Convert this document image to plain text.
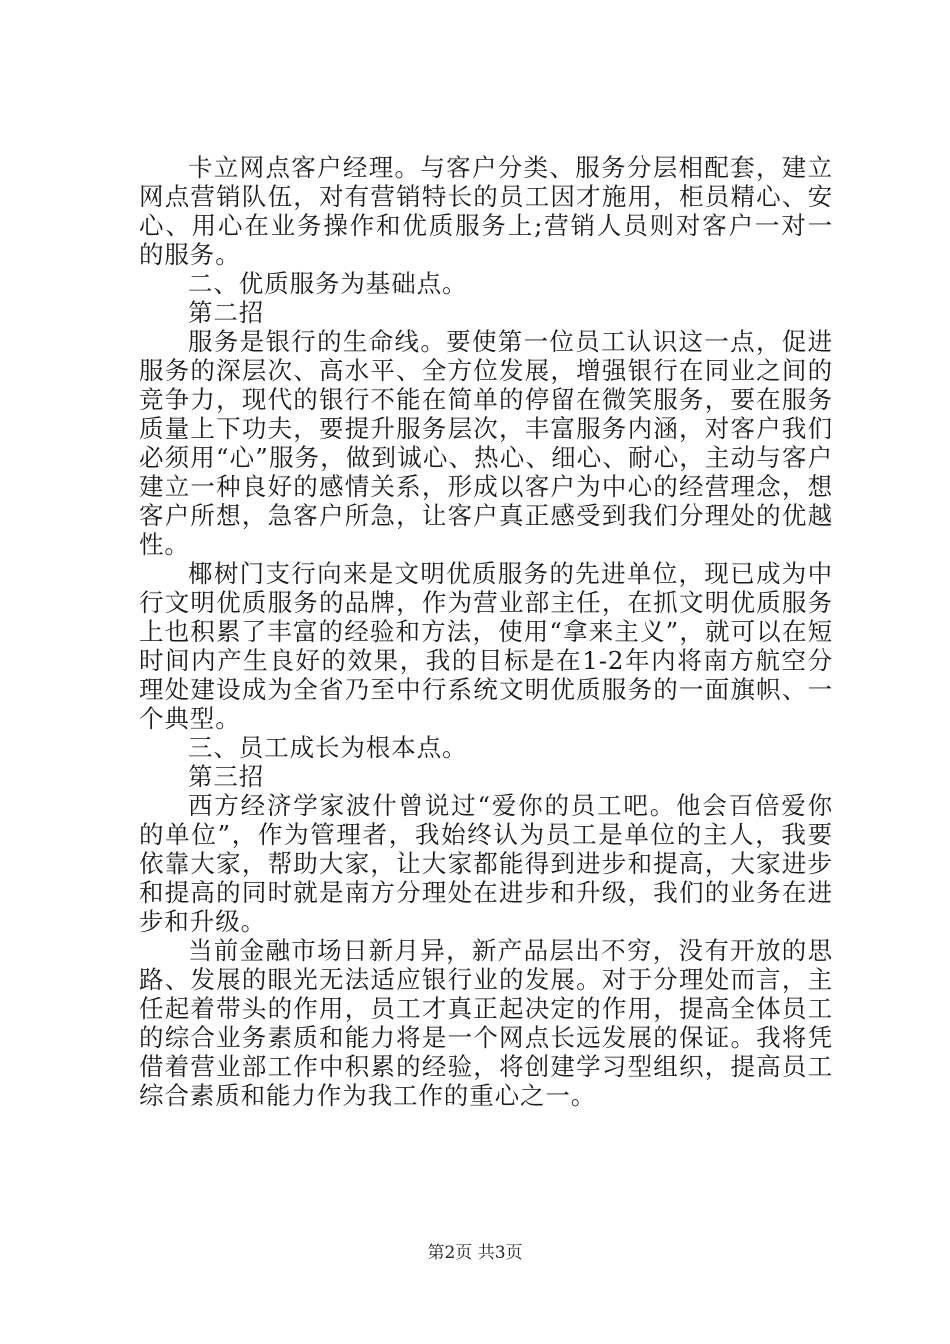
卡立网点客户经理。与客户分类、服务分层相配套，建立网点营销队伍，对有营销特长的员工因才施用，柜员精心、安心、用心在业务操作和优质服务上;营销人员则对客户一对一的服务。

二、优质服务为基础点。

第二招

服务是银行的生命线。要使第一位员工认识这一点，促进服务的深层次、高水平、全方位发展，增强银行在同业之间的竞争力，现代的银行不能在简单的停留在微笑服务，要在服务质量上下功夫，要提升服务层次，丰富服务内涵，对客户我们必须用“心”服务，做到诚心、热心、细心、耐心，主动与客户建立一种良好的感情关系，形成以客户为中心的经营理念，想客户所想，急客户所急，让客户真正感受到我们分理处的优越性。

椰树门支行向来是文明优质服务的先进单位，现已成为中行文明优质服务的品牌，作为营业部主任，在抓文明优质服务上也积累了丰富的经验和方法，使用“拿来主义”，就可以在短时间内产生良好的效果，我的目标是在1-2年内将南方航空分理处建设成为全省乃至中行系统文明优质服务的一面旗帜、一个典型。

三、员工成长为根本点。

第三招

西方经济学家波什曾说过“爱你的员工吧。他会百倍爱你的单位”，作为管理者，我始终认为员工是单位的主人，我要依靠大家，帮助大家，让大家都能得到进步和提高，大家进步和提高的同时就是南方分理处在进步和升级，我们的业务在进步和升级。

当前金融市场日新月异，新产品层出不穷，没有开放的思路、发展的眼光无法适应银行业的发展。对于分理处而言，主任起着带头的作用，员工才真正起决定的作用，提高全体员工的综合业务素质和能力将是一个网点长远发展的保证。我将凭借着营业部工作中积累的经验，将创建学习型组织，提高员工综合素质和能力作为我工作的重心之一。

第2页 共3页
